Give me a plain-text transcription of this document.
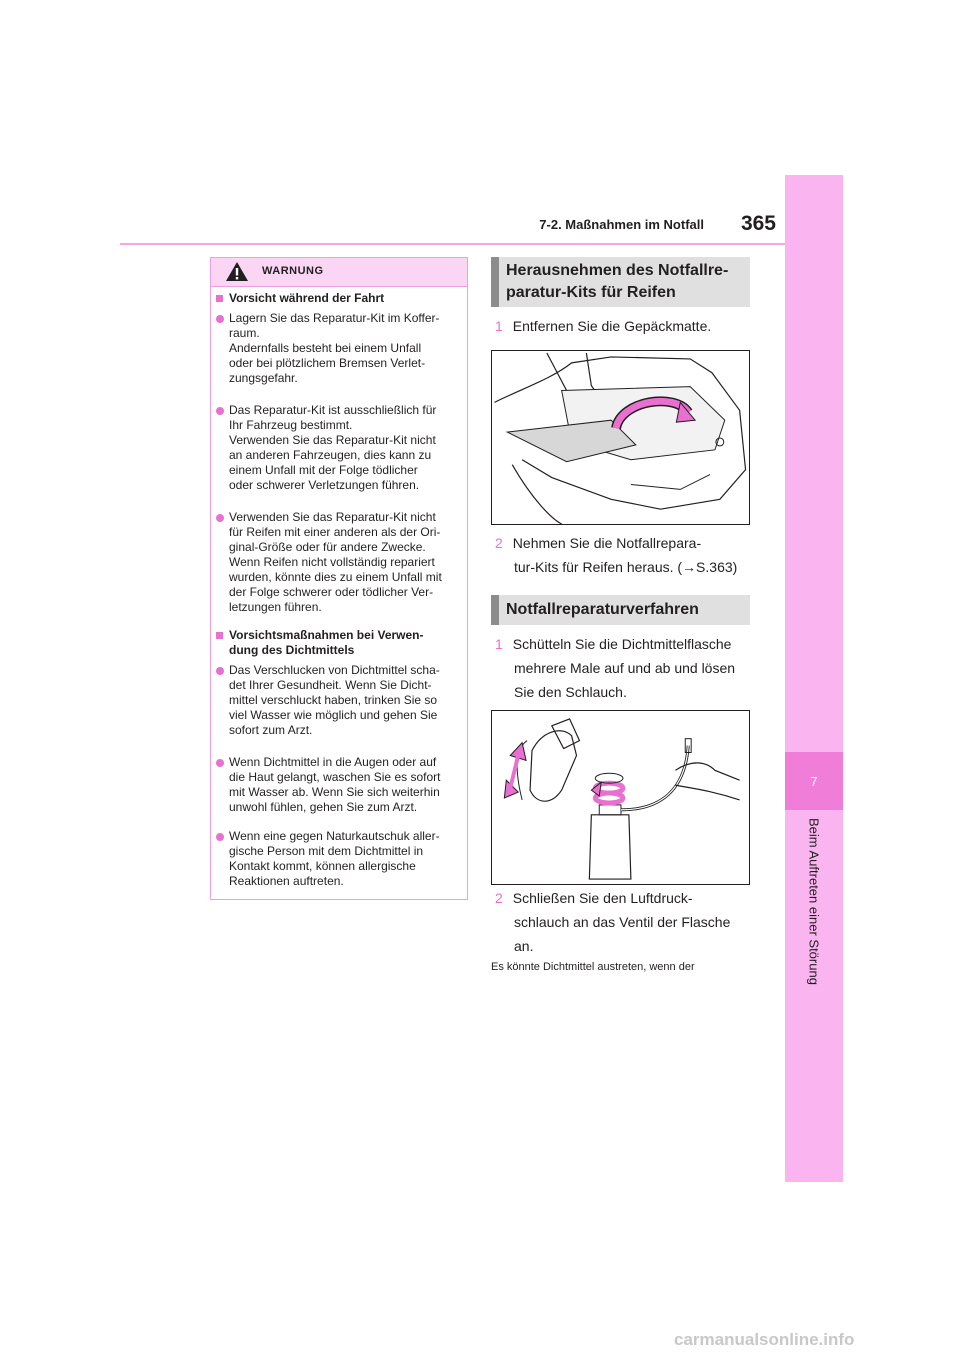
7-2. Maßnahmen im Notfall	365
7
Beim Auftreten einer Störung
WARNUNG
Vorsicht während der Fahrt
Lagern Sie das Reparatur-Kit im Koffer-
raum.
Andernfalls besteht bei einem Unfall
oder bei plötzlichem Bremsen Verlet-
zungsgefahr.
Das Reparatur-Kit ist ausschließlich für
Ihr Fahrzeug bestimmt.
Verwenden Sie das Reparatur-Kit nicht
an anderen Fahrzeugen, dies kann zu
einem Unfall mit der Folge tödlicher
oder schwerer Verletzungen führen.
Verwenden Sie das Reparatur-Kit nicht
für Reifen mit einer anderen als der Ori-
ginal-Größe oder für andere Zwecke.
Wenn Reifen nicht vollständig repariert
wurden, könnte dies zu einem Unfall mit
der Folge schwerer oder tödlicher Ver-
letzungen führen.
Vorsichtsmaßnahmen bei Verwen-
dung des Dichtmittels
Das Verschlucken von Dichtmittel scha-
det Ihrer Gesundheit. Wenn Sie Dicht-
mittel verschluckt haben, trinken Sie so
viel Wasser wie möglich und gehen Sie
sofort zum Arzt.
Wenn Dichtmittel in die Augen oder auf
die Haut gelangt, waschen Sie es sofort
mit Wasser ab. Wenn Sie sich weiterhin
unwohl fühlen, gehen Sie zum Arzt.
Wenn eine gegen Naturkautschuk aller-
gische Person mit dem Dichtmittel in
Kontakt kommt, können allergische
Reaktionen auftreten.
Herausnehmen des Notfallre-
paratur-Kits für Reifen
1 Entfernen Sie die Gepäckmatte.
2 Nehmen Sie die Notfallrepara-
tur-Kits für Reifen heraus. (→S.363)
Notfallreparaturverfahren
1 Schütteln Sie die Dichtmittelflasche
mehrere Male auf und ab und lösen
Sie den Schlauch.
2 Schließen Sie den Luftdruck-
schlauch an das Ventil der Flasche
an.
Es könnte Dichtmittel austreten, wenn der
carmanualsonline.info
